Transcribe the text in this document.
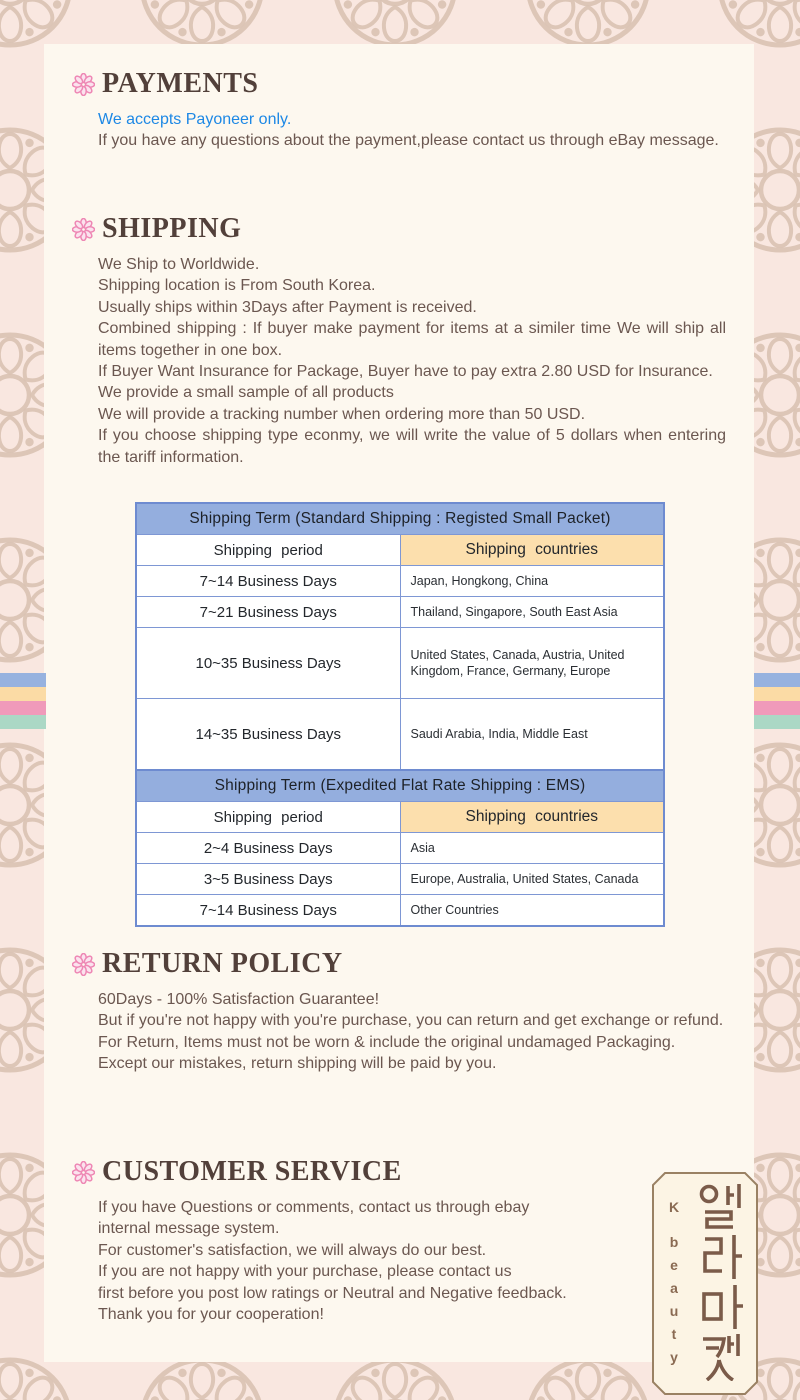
PAYMENTS

We accepts Payoneer only.

If you have any questions about the payment,please contact us through eBay message.

SHIPPING

We Ship to Worldwide.

Shipping location is From South Korea.

Usually ships within 3Days after Payment is received.

Combined shipping : If buyer make payment for items at a similer time We will ship all items together in one box.

If Buyer Want Insurance for Package, Buyer have to pay extra 2.80 USD for Insurance.

We provide a small sample of all products

We will provide a tracking number when ordering more than 50 USD.

If you choose shipping type econmy, we will write the value of 5 dollars when entering the tariff information.

Shipping Term (Standard Shipping : Registed Small Packet)	
Shipping period	Shipping countries
7~14 Business Days	Japan, Hongkong, China
7~21 Business Days	Thailand, Singapore, South East Asia
10~35 Business Days	United States, Canada, Austria, United Kingdom, France, Germany, Europe
14~35 Business Days	Saudi Arabia, India, Middle East
Shipping Term (Expedited Flat Rate Shipping : EMS)	
Shipping period	Shipping countries
2~4 Business Days	Asia
3~5 Business Days	Europe, Australia, United States, Canada
7~14 Business Days	Other Countries
RETURN POLICY

60Days - 100% Satisfaction Guarantee!

But if you're not happy with you're purchase, you can return and get exchange or refund.

For Return, Items must not be worn & include the original undamaged Packaging.

Except our mistakes, return shipping will be paid by you.

CUSTOMER SERVICE

If you have Questions or comments, contact us through ebay

internal message system.

For customer's satisfaction, we will always do our best.

If you are not happy with your purchase, please contact us

first before you post low ratings or Neutral and Negative feedback.

Thank you for your cooperation!

K
b
e
a
u
t
y
